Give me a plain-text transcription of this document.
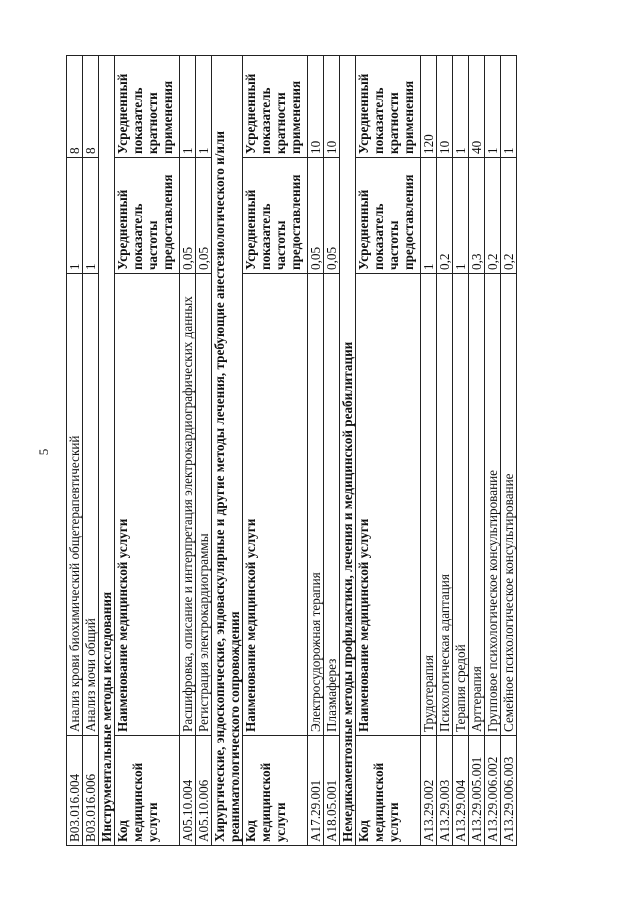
5
B03.016.004	Анализ крови биохимический общетерапевтический	1	8
B03.016.006	Анализ мочи общий	1	8
Инструментальные методы исследования			

Код медицинской услуги	Наименование медицинской услуги	Усредненный показатель частоты предоставления	Усредненный показатель кратности применения

A05.10.004	Расшифровка, описание и интерпретация электрокардиографических данных	0,05	1
A05.10.006	Регистрация электрокардиограммы	0,05	1
Хирургические, эндоскопические, эндоваскулярные и другие методы лечения, требующие анестезиологического и/или реаниматологического сопровождения			

Код медицинской услуги	Наименование медицинской услуги	Усредненный показатель частоты предоставления	Усредненный показатель кратности применения

A17.29.001	Электросудорожная терапия	0,05	10
A18.05.001	Плазмаферез	0,05	10
Немедикаментозные методы профилактики, лечения и медицинской реабилитации			

Код медицинской услуги	Наименование медицинской услуги	Усредненный показатель частоты предоставления	Усредненный показатель кратности применения

A13.29.002	Трудотерапия	1	120
A13.29.003	Психологическая адаптация	0,2	10
A13.29.004	Терапия средой	1	1
A13.29.005.001	Арттерапия	0,3	40
A13.29.006.002	Групповое психологическое консультирование	0,2	1
A13.29.006.003	Семейное психологическое консультирование	0,2	1
